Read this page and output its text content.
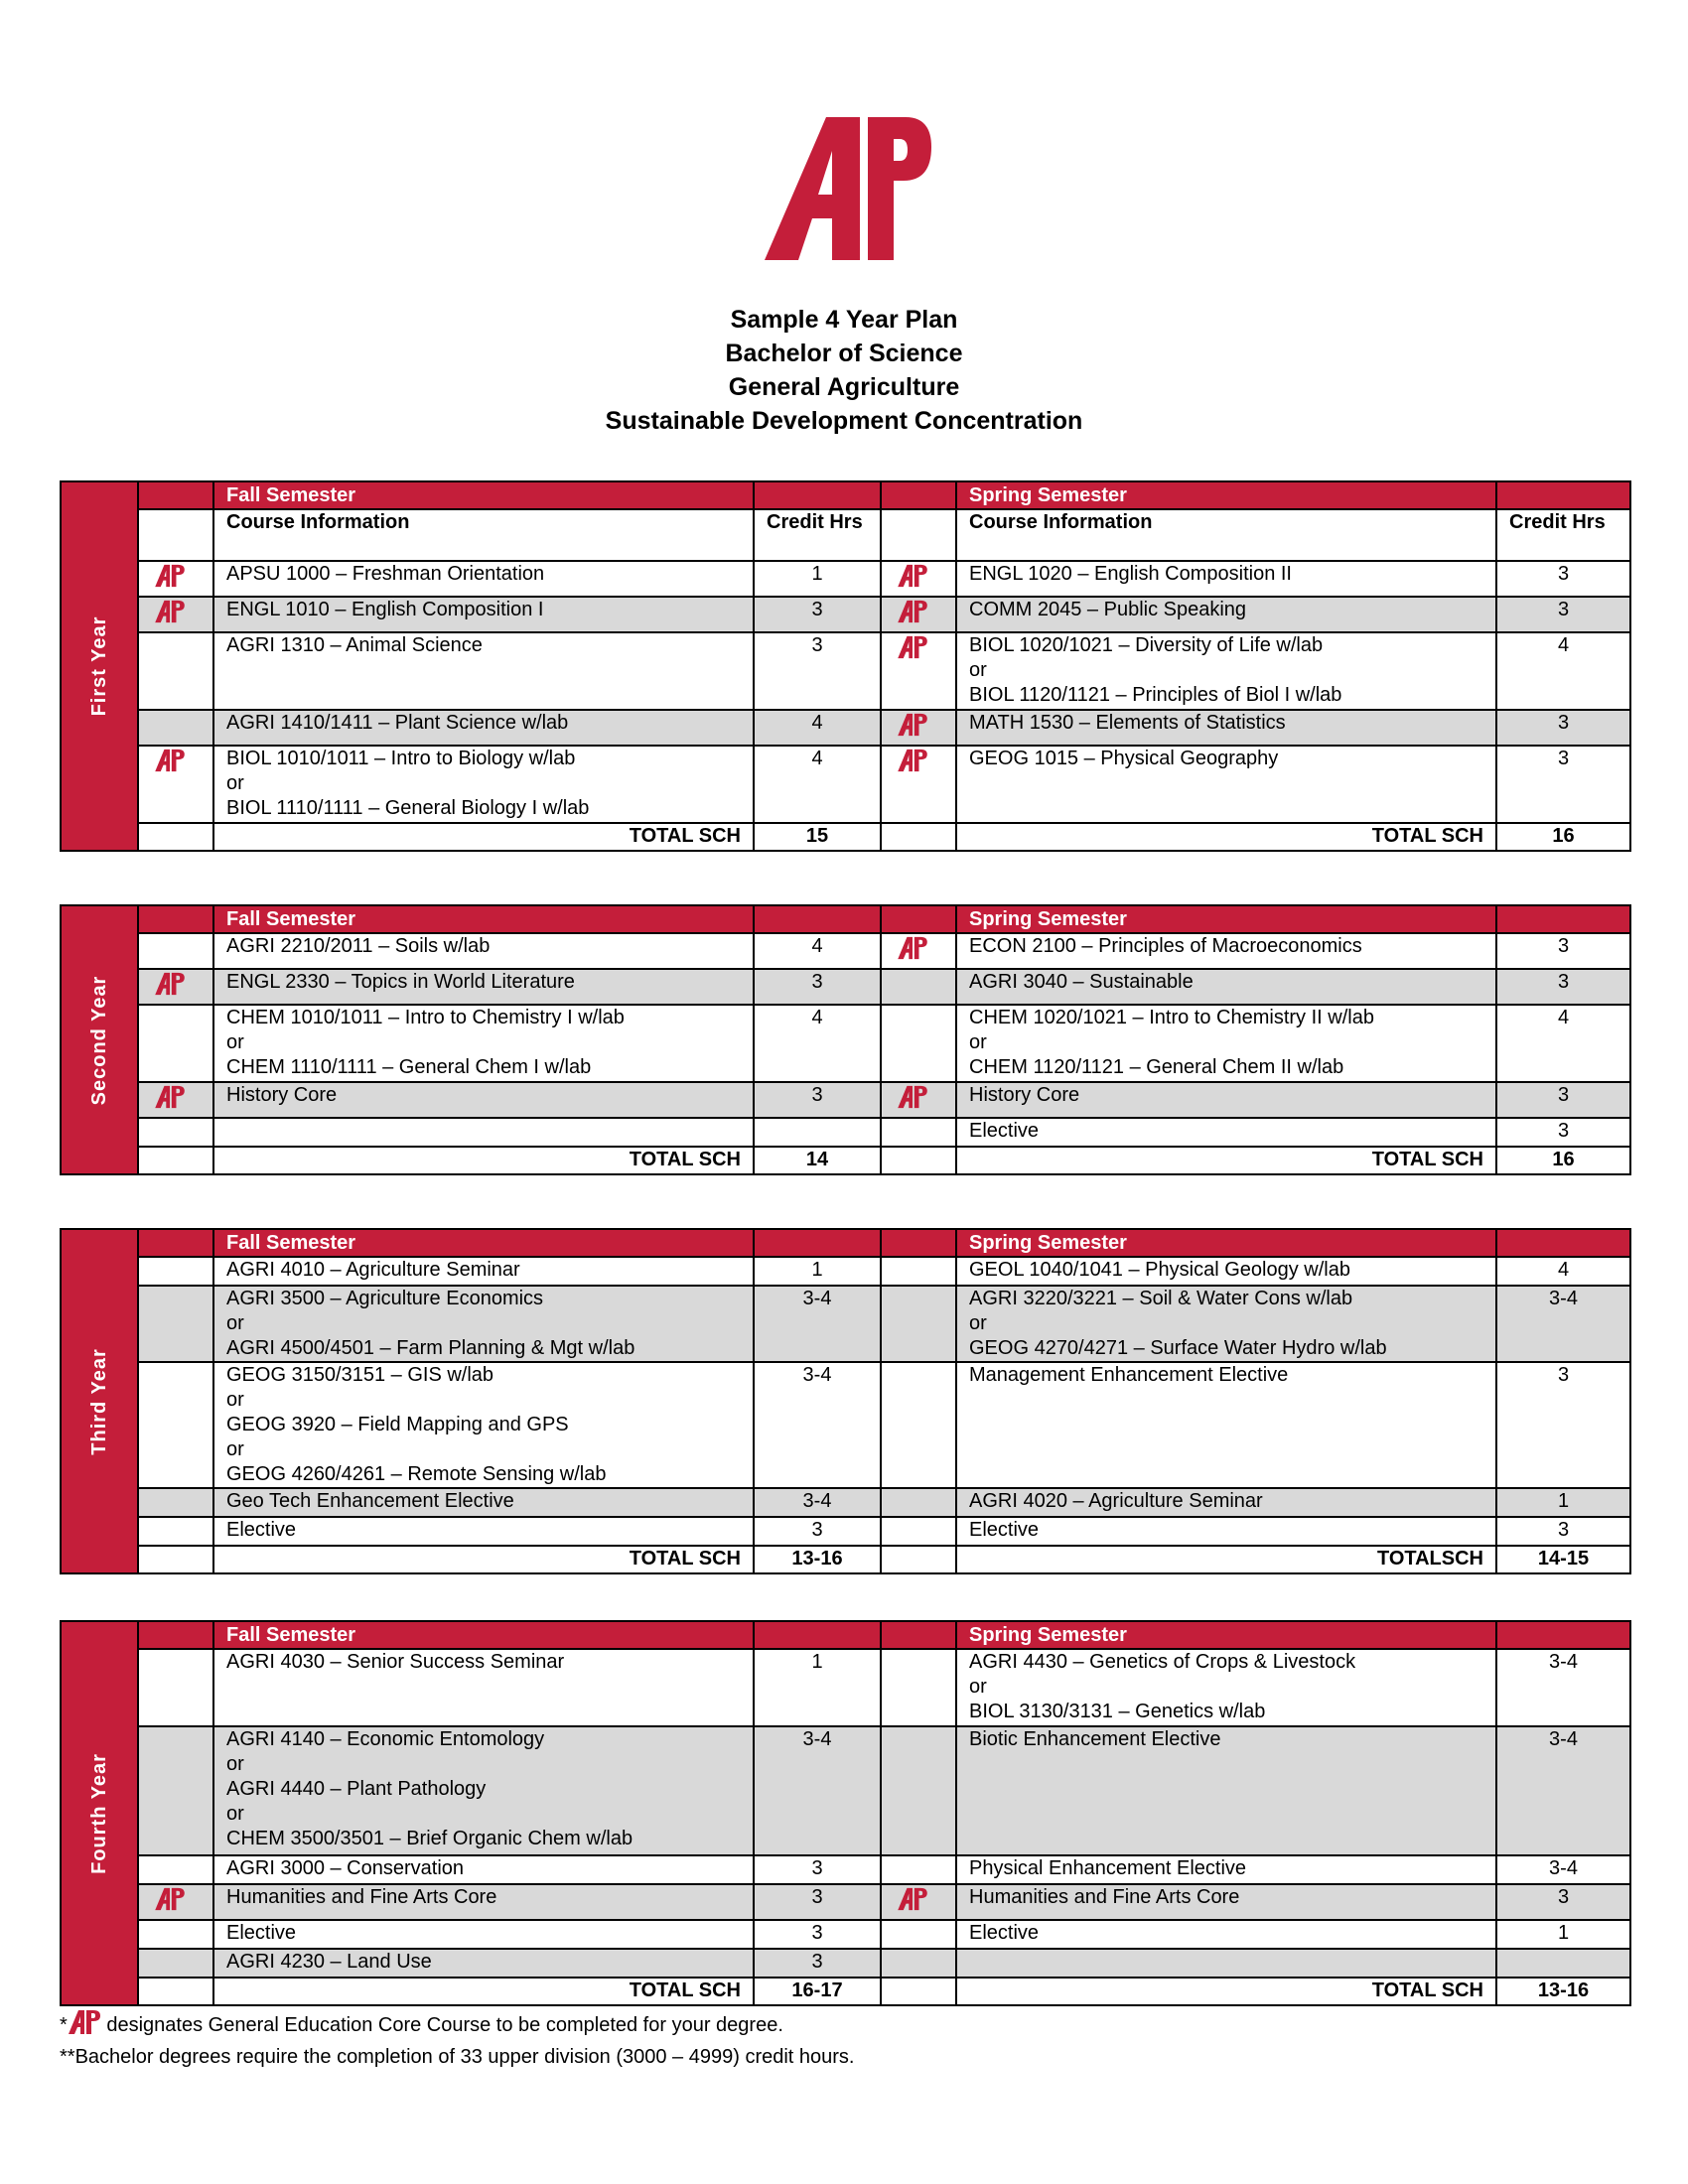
Sample 4 Year Plan
Bachelor of Science
General Agriculture
Sustainable Development Concentration
First Year		Fall Semester			Spring Semester	
		Course Information	Credit Hrs		Course Information	Credit Hrs
	APSU 1000 – Freshman Orientation	1		ENGL 1020 – English Composition II	3
	ENGL 1010 – English Composition I	3		COMM 2045 – Public Speaking	3
		AGRI 1310 – Animal Science	3		BIOL 1020/1021 – Diversity of Life w/lab
or
BIOL 1120/1121 – Principles of Biol I w/lab	4
		AGRI 1410/1411 – Plant Science w/lab	4		MATH 1530 – Elements of Statistics	3
	BIOL 1010/1011 – Intro to Biology w/lab
or
BIOL 1110/1111 – General Biology I w/lab	4		GEOG 1015 – Physical Geography	3
		TOTAL SCH	15		TOTAL SCH	16
Second Year		Fall Semester			Spring Semester	
		AGRI 2210/2011 – Soils w/lab	4		ECON 2100 – Principles of Macroeconomics	3
	ENGL 2330 – Topics in World Literature	3		AGRI 3040 – Sustainable	3
		CHEM 1010/1011 – Intro to Chemistry I w/lab
or
CHEM 1110/1111 – General Chem I w/lab	4		CHEM 1020/1021 – Intro to Chemistry II w/lab
or
CHEM 1120/1121 – General Chem II w/lab	4
	History Core	3		History Core	3
					Elective	3
		TOTAL SCH	14		TOTAL SCH	16
Third Year		Fall Semester			Spring Semester	
		AGRI 4010 – Agriculture Seminar	1		GEOL 1040/1041 – Physical Geology w/lab	4
		AGRI 3500 – Agriculture Economics
or
AGRI 4500/4501 – Farm Planning & Mgt w/lab	3-4		AGRI 3220/3221 – Soil & Water Cons w/lab
or
GEOG 4270/4271 – Surface Water Hydro w/lab	3-4
		GEOG 3150/3151 – GIS w/lab
or
GEOG 3920 – Field Mapping and GPS
or
GEOG 4260/4261 – Remote Sensing w/lab	3-4		Management Enhancement Elective	3
		Geo Tech Enhancement Elective	3-4		AGRI 4020 – Agriculture Seminar	1
		Elective	3		Elective	3
		TOTAL SCH	13-16		TOTALSCH	14-15
Fourth Year		Fall Semester			Spring Semester	
		AGRI 4030 – Senior Success Seminar	1		AGRI 4430 – Genetics of Crops & Livestock
or
BIOL 3130/3131 – Genetics w/lab	3-4
		AGRI 4140 – Economic Entomology
or
AGRI 4440 – Plant Pathology
or
CHEM 3500/3501 – Brief Organic Chem w/lab	3-4		Biotic Enhancement Elective	3-4
		AGRI 3000 – Conservation	3		Physical Enhancement Elective	3-4
	Humanities and Fine Arts Core	3		Humanities and Fine Arts Core	3
		Elective	3		Elective	1
		AGRI 4230 – Land Use	3			
		TOTAL SCH	16-17		TOTAL SCH	13-16
* designates General Education Core Course to be completed for your degree.
**Bachelor degrees require the completion of 33 upper division (3000 – 4999) credit hours.
